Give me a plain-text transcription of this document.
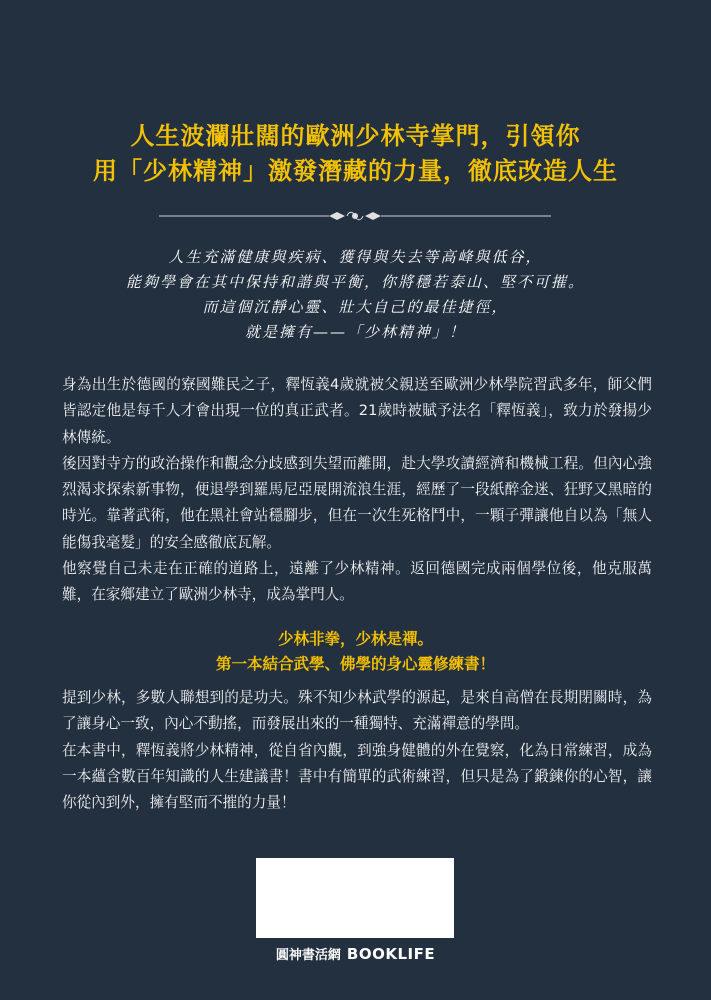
人生波瀾壯闊的歐洲少林寺掌門，引領你
用「少林精神」激發潛藏的力量，徹底改造人生
人生充滿健康與疾病、獲得與失去等高峰與低谷，
能夠學會在其中保持和諧與平衡，你將穩若泰山、堅不可摧。
而這個沉靜心靈、壯大自己的最佳捷徑，
就是擁有——「少林精神」！

身為出生於德國的寮國難民之子，釋恆義4歲就被父親送至歐洲少林學院習武多年，師父們皆認定他是每千人才會出現一位的真正武者。21歲時被賦予法名「釋恆義」，致力於發揚少林傳統。

後因對寺方的政治操作和觀念分歧感到失望而離開，赴大學攻讀經濟和機械工程。但內心強烈渴求探索新事物，便退學到羅馬尼亞展開流浪生涯，經歷了一段紙醉金迷、狂野又黑暗的時光。靠著武術，他在黑社會站穩腳步，但在一次生死格鬥中，一顆子彈讓他自以為「無人能傷我毫髮」的安全感徹底瓦解。

他察覺自己未走在正確的道路上，遠離了少林精神。返回德國完成兩個學位後，他克服萬難，在家鄉建立了歐洲少林寺，成為掌門人。

少林非拳，少林是禪。
第一本結合武學、佛學的身心靈修練書！

提到少林，多數人聯想到的是功夫。殊不知少林武學的源起，是來自高僧在長期閉關時，為了讓身心一致，內心不動搖，而發展出來的一種獨特、充滿禪意的學問。

在本書中，釋恆義將少林精神，從自省內觀，到強身健體的外在覺察，化為日常練習，成為一本蘊含數百年知識的人生建議書！書中有簡單的武術練習，但只是為了鍛鍊你的心智，讓你從內到外，擁有堅而不摧的力量！

圓神書活網 BOOKLIFE
